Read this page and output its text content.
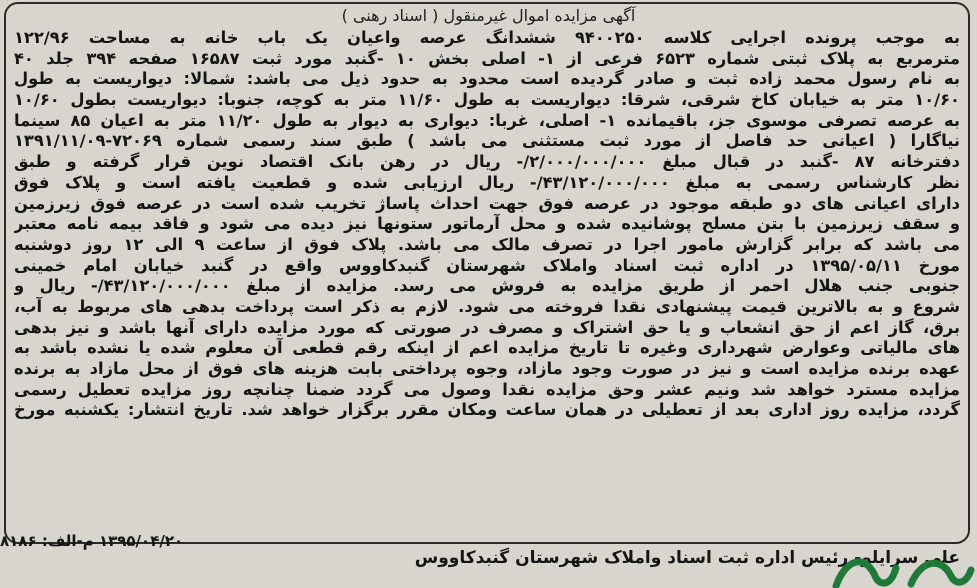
آگهی مزایده اموال غیرمنقول ( اسناد رهنی )
به موجب پرونده اجرایی کلاسه ۹۴۰۰۲۵۰ ششدانگ عرصه واعیان یک باب خانه به مساحت ۱۲۲/۹۶
مترمربع به پلاک ثبتی شماره ۶۵۲۳ فرعی از ۱- اصلی بخش ۱۰ -گنبد مورد ثبت ۱۶۵۸۷ صفحه ۳۹۴ جلد ۴۰
به نام رسول محمد زاده ثبت و صادر گردیده است محدود به حدود ذیل می باشد: شمالا: دیواریست به طول
۱۰/۶۰ متر به خیابان کاخ شرقی، شرقا: دیواریست به طول ۱۱/۶۰ متر به کوچه، جنوبا: دیواریست بطول ۱۰/۶۰
به عرصه تصرفی موسوی جز، باقیمانده ۱- اصلی، غربا: دیواری به دیوار به طول ۱۱/۲۰ متر به اعیان ۸۵ سینما
نیاگارا ( اعیانی حد فاصل از مورد ثبت مستثنی می باشد ) طبق سند رسمی شماره ۷۲۰۶۹-۱۳۹۱/۱۱/۰۹
دفترخانه ۸۷ -گنبد در قبال مبلغ ۲/۰۰۰/۰۰۰/۰۰۰/- ریال در رهن بانک اقتصاد نوین قرار گرفته و طبق
نظر کارشناس رسمی به مبلغ ۴۳/۱۲۰/۰۰۰/۰۰۰/- ریال ارزیابی شده و قطعیت یافته است و پلاک فوق
دارای اعیانی های دو طبقه موجود در عرصه فوق جهت احداث پاساژ تخریب شده است در عرصه فوق زیرزمین
و سقف زیرزمین با بتن مسلح پوشانیده شده و محل آرماتور ستونها نیز دیده می شود و فاقد بیمه نامه معتبر
می باشد که برابر گزارش مامور اجرا در تصرف مالک می باشد. پلاک فوق از ساعت ۹ الی ۱۲ روز دوشنبه
مورخ ۱۳۹۵/۰۵/۱۱ در اداره ثبت اسناد واملاک شهرستان گنبدکاووس واقع در گنبد خیابان امام خمینی
جنوبی جنب هلال احمر از طریق مزایده به فروش می رسد. مزایده از مبلغ ۴۳/۱۲۰/۰۰۰/۰۰۰/- ریال و
شروع و به بالاترین قیمت پیشنهادی نقدا فروخته می شود. لازم به ذکر است پرداخت بدهی های مربوط به آب،
برق، گاز اعم از حق انشعاب و یا حق اشتراک و مصرف در صورتی که مورد مزایده دارای آنها باشد و نیز بدهی
های مالیاتی وعوارض شهرداری وغیره تا تاریخ مزایده اعم از اینکه رقم قطعی آن معلوم شده یا نشده باشد به
عهده برنده مزایده است و نیز در صورت وجود مازاد، وجوه پرداختی بابت هزینه های فوق از محل مازاد به برنده
مزایده مسترد خواهد شد ونیم عشر وحق مزایده نقدا وصول می گردد ضمنا چنانچه روز مزایده تعطیل رسمی
گردد، مزایده روز اداری بعد از تعطیلی در همان ساعت ومکان مقرر برگزار خواهد شد. تاریخ انتشار: یکشنبه مورخ
۱۳۹۵/۰۴/۲۰ م-الف: ۸۱۸۶
علی سرایلو- رئیس اداره ثبت اسناد واملاک شهرستان گنبدکاووس
